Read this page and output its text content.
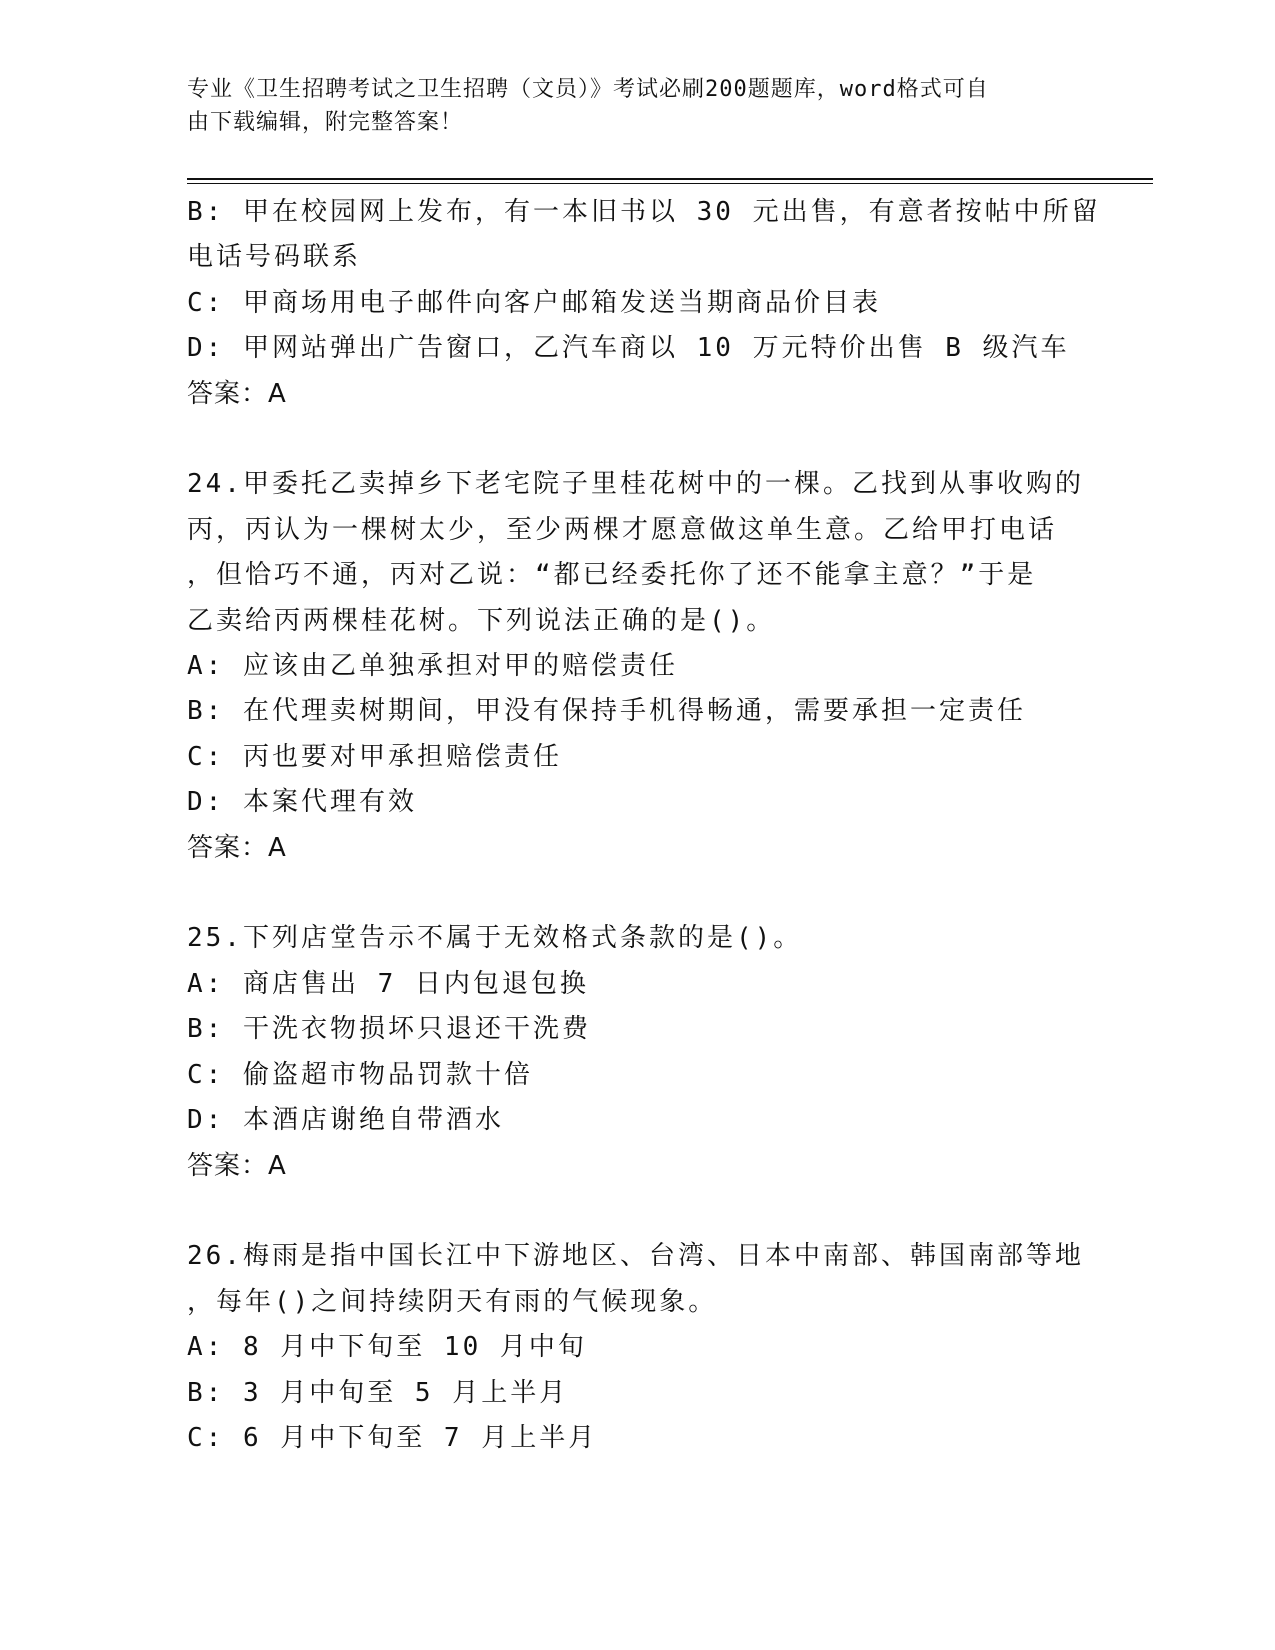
专业《卫生招聘考试之卫生招聘（文员）》考试必刷200题题库，word格式可自
由下载编辑，附完整答案！
B: 甲在校园网上发布，有一本旧书以 30 元出售，有意者按帖中所留
电话号码联系
C: 甲商场用电子邮件向客户邮箱发送当期商品价目表
D: 甲网站弹出广告窗口，乙汽车商以 10 万元特价出售 B 级汽车
答案：A
24.甲委托乙卖掉乡下老宅院子里桂花树中的一棵。乙找到从事收购的
丙，丙认为一棵树太少，至少两棵才愿意做这单生意。乙给甲打电话
，但恰巧不通，丙对乙说：“都已经委托你了还不能拿主意？”于是
乙卖给丙两棵桂花树。下列说法正确的是()。
A: 应该由乙单独承担对甲的赔偿责任
B: 在代理卖树期间，甲没有保持手机得畅通，需要承担一定责任
C: 丙也要对甲承担赔偿责任
D: 本案代理有效
答案：A
25.下列店堂告示不属于无效格式条款的是()。
A: 商店售出 7 日内包退包换
B: 干洗衣物损坏只退还干洗费
C: 偷盗超市物品罚款十倍
D: 本酒店谢绝自带酒水
答案：A
26.梅雨是指中国长江中下游地区、台湾、日本中南部、韩国南部等地
，每年()之间持续阴天有雨的气候现象。
A: 8 月中下旬至 10 月中旬
B: 3 月中旬至 5 月上半月
C: 6 月中下旬至 7 月上半月
